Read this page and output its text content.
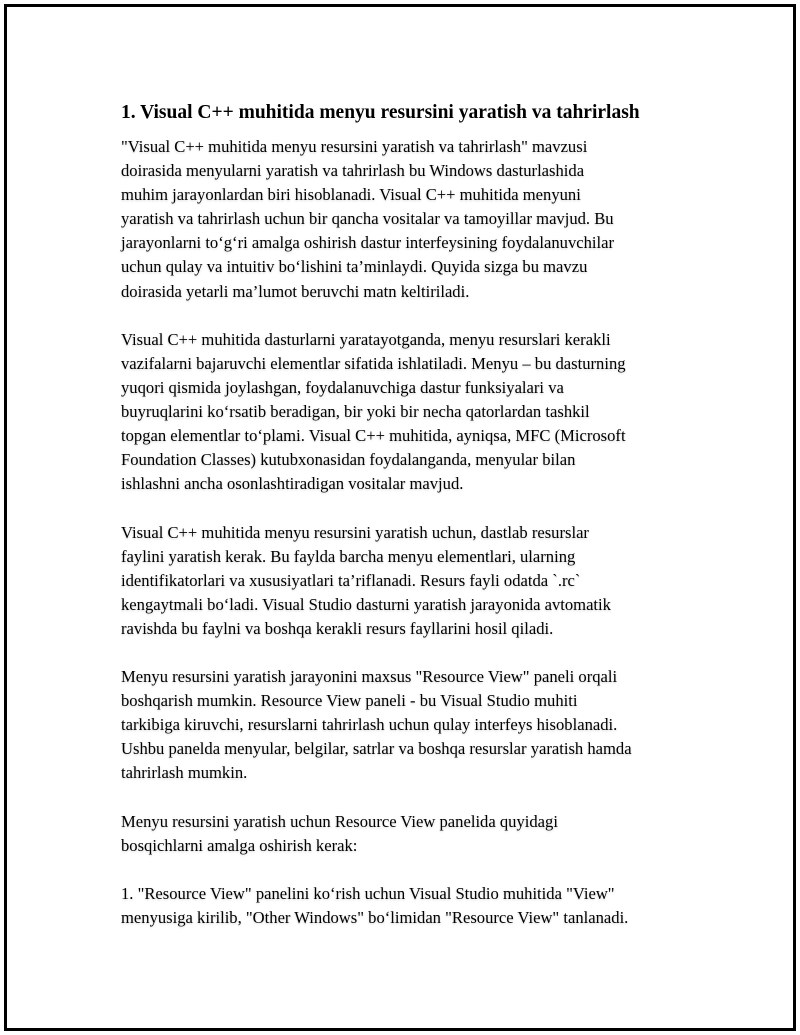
1. Visual C++ muhitida menyu resursini yaratish va tahrirlash

"Visual C++ muhitida menyu resursini yaratish va tahrirlash" mavzusi
doirasida menyularni yaratish va tahrirlash bu Windows dasturlashida
muhim jarayonlardan biri hisoblanadi. Visual C++ muhitida menyuni
yaratish va tahrirlash uchun bir qancha vositalar va tamoyillar mavjud. Bu
jarayonlarni to‘g‘ri amalga oshirish dastur interfeysining foydalanuvchilar
uchun qulay va intuitiv bo‘lishini ta’minlaydi. Quyida sizga bu mavzu
doirasida yetarli ma’lumot beruvchi matn keltiriladi.

Visual C++ muhitida dasturlarni yaratayotganda, menyu resurslari kerakli
vazifalarni bajaruvchi elementlar sifatida ishlatiladi. Menyu – bu dasturning
yuqori qismida joylashgan, foydalanuvchiga dastur funksiyalari va
buyruqlarini ko‘rsatib beradigan, bir yoki bir necha qatorlardan tashkil
topgan elementlar to‘plami. Visual C++ muhitida, ayniqsa, MFC (Microsoft
Foundation Classes) kutubxonasidan foydalanganda, menyular bilan
ishlashni ancha osonlashtiradigan vositalar mavjud.

Visual C++ muhitida menyu resursini yaratish uchun, dastlab resurslar
faylini yaratish kerak. Bu faylda barcha menyu elementlari, ularning
identifikatorlari va xususiyatlari ta’riflanadi. Resurs fayli odatda `.rc`
kengaytmali bo‘ladi. Visual Studio dasturni yaratish jarayonida avtomatik
ravishda bu faylni va boshqa kerakli resurs fayllarini hosil qiladi.

Menyu resursini yaratish jarayonini maxsus "Resource View" paneli orqali
boshqarish mumkin. Resource View paneli - bu Visual Studio muhiti
tarkibiga kiruvchi, resurslarni tahrirlash uchun qulay interfeys hisoblanadi.
Ushbu panelda menyular, belgilar, satrlar va boshqa resurslar yaratish hamda
tahrirlash mumkin.

Menyu resursini yaratish uchun Resource View panelida quyidagi
bosqichlarni amalga oshirish kerak:

1. "Resource View" panelini ko‘rish uchun Visual Studio muhitida "View"
menyusiga kirilib, "Other Windows" bo‘limidan "Resource View" tanlanadi.
